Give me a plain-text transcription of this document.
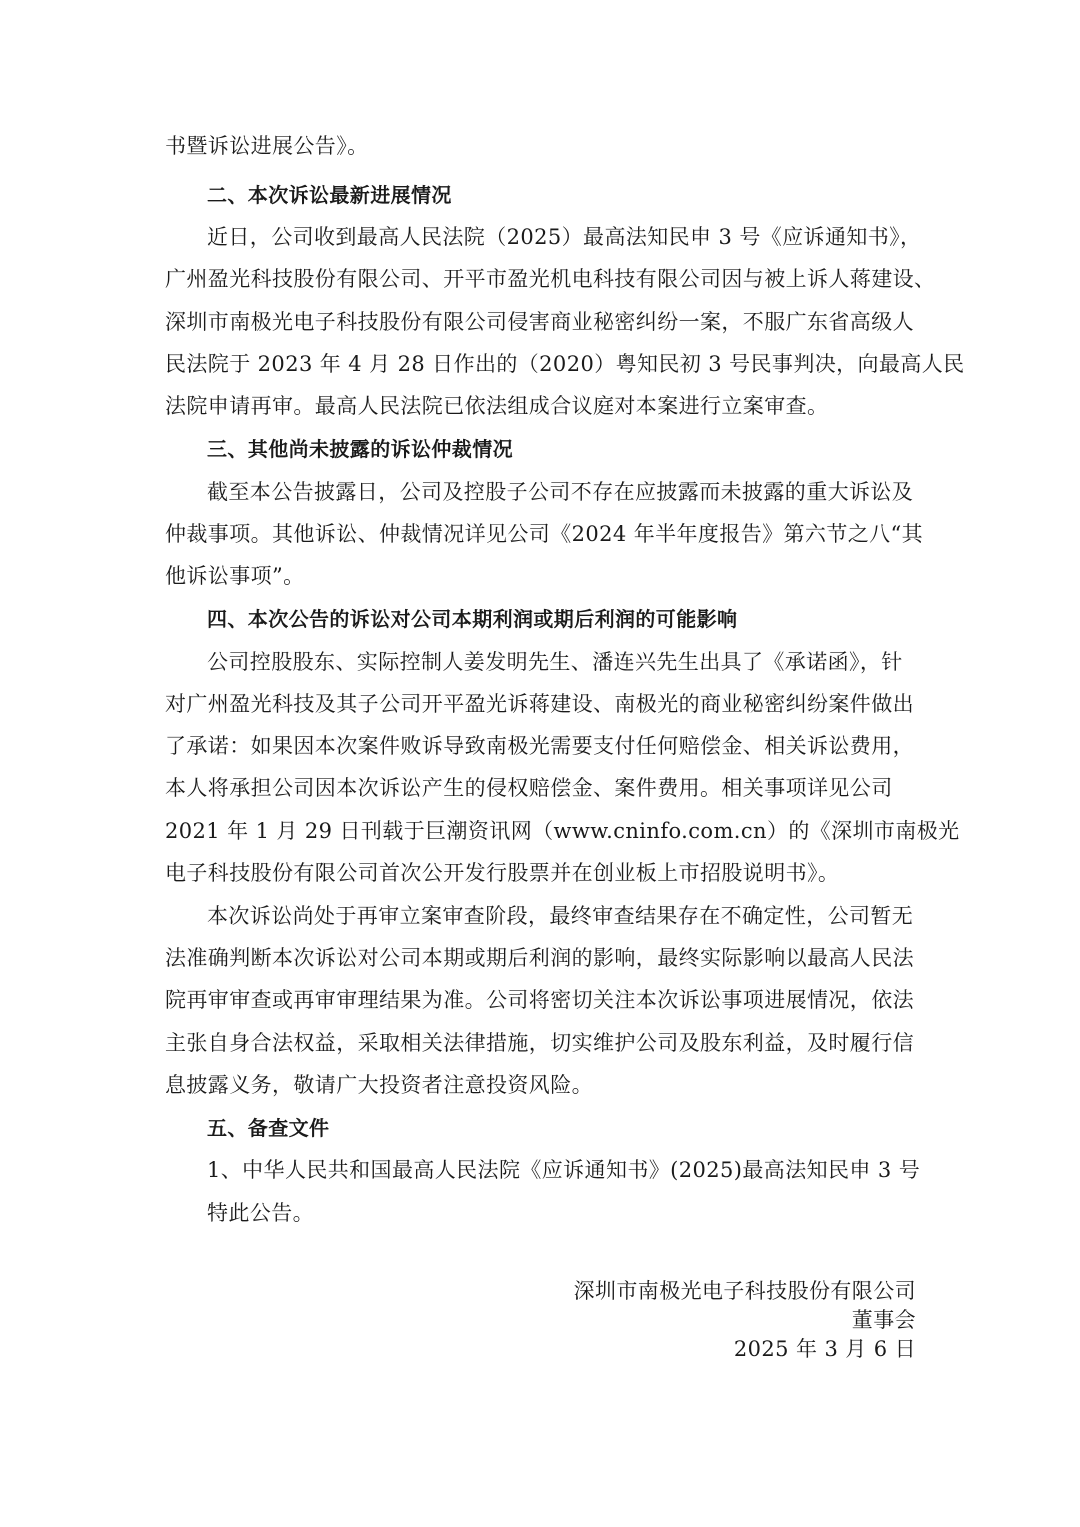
书暨诉讼进展公告》。
二、本次诉讼最新进展情况
近日，公司收到最高人民法院（2025）最高法知民申 3 号《应诉通知书》，
广州盈光科技股份有限公司、开平市盈光机电科技有限公司因与被上诉人蒋建设、
深圳市南极光电子科技股份有限公司侵害商业秘密纠纷一案，不服广东省高级人
民法院于 2023 年 4 月 28 日作出的（2020）粤知民初 3 号民事判决，向最高人民
法院申请再审。最高人民法院已依法组成合议庭对本案进行立案审查。
三、其他尚未披露的诉讼仲裁情况
截至本公告披露日，公司及控股子公司不存在应披露而未披露的重大诉讼及
仲裁事项。其他诉讼、仲裁情况详见公司《2024 年半年度报告》第六节之八“其
他诉讼事项”。
四、本次公告的诉讼对公司本期利润或期后利润的可能影响
公司控股股东、实际控制人姜发明先生、潘连兴先生出具了《承诺函》，针
对广州盈光科技及其子公司开平盈光诉蒋建设、南极光的商业秘密纠纷案件做出
了承诺：如果因本次案件败诉导致南极光需要支付任何赔偿金、相关诉讼费用，
本人将承担公司因本次诉讼产生的侵权赔偿金、案件费用。相关事项详见公司
2021 年 1 月 29 日刊载于巨潮资讯网（www.cninfo.com.cn）的《深圳市南极光
电子科技股份有限公司首次公开发行股票并在创业板上市招股说明书》。
本次诉讼尚处于再审立案审查阶段，最终审查结果存在不确定性，公司暂无
法准确判断本次诉讼对公司本期或期后利润的影响，最终实际影响以最高人民法
院再审审查或再审审理结果为准。公司将密切关注本次诉讼事项进展情况，依法
主张自身合法权益，采取相关法律措施，切实维护公司及股东利益，及时履行信
息披露义务，敬请广大投资者注意投资风险。
五、备查文件
1、中华人民共和国最高人民法院《应诉通知书》(2025)最高法知民申 3 号
特此公告。
深圳市南极光电子科技股份有限公司
董事会
2025 年 3 月 6 日
